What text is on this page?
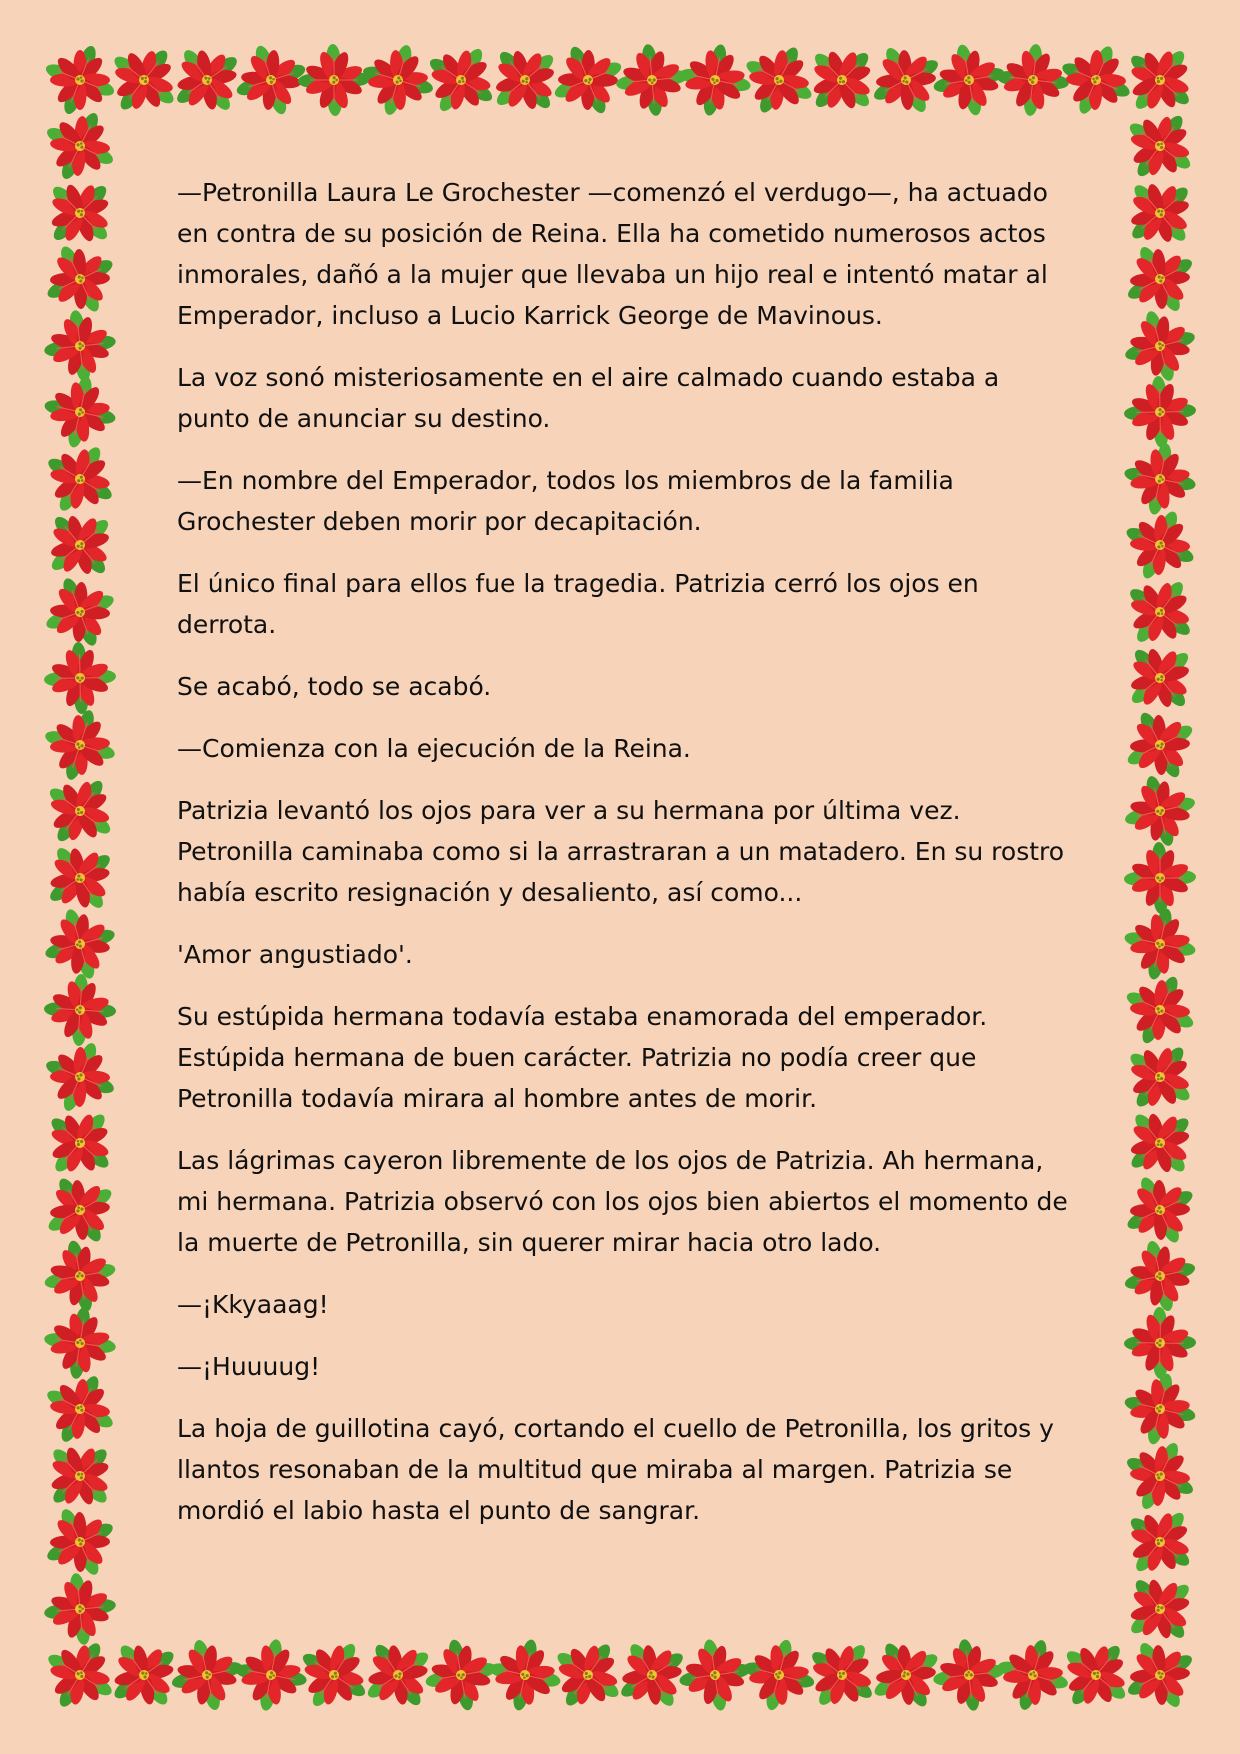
—Petronilla Laura Le Grochester —comenzó el verdugo—, ha actuado en contra de su posición de Reina. Ella ha cometido numerosos actos inmorales, dañó a la mujer que llevaba un hijo real e intentó matar al Emperador, incluso a Lucio Karrick George de Mavinous.

La voz sonó misteriosamente en el aire calmado cuando estaba a punto de anunciar su destino.

—En nombre del Emperador, todos los miembros de la familia Grochester deben morir por decapitación.

El único final para ellos fue la tragedia. Patrizia cerró los ojos en derrota.

Se acabó, todo se acabó.

—Comienza con la ejecución de la Reina.

Patrizia levantó los ojos para ver a su hermana por última vez. Petronilla caminaba como si la arrastraran a un matadero. En su rostro había escrito resignación y desaliento, así como...

'Amor angustiado'.

Su estúpida hermana todavía estaba enamorada del emperador. Estúpida hermana de buen carácter. Patrizia no podía creer que Petronilla todavía mirara al hombre antes de morir.

Las lágrimas cayeron libremente de los ojos de Patrizia. Ah hermana, mi hermana. Patrizia observó con los ojos bien abiertos el momento de la muerte de Petronilla, sin querer mirar hacia otro lado.

—¡Kkyaaag!

—¡Huuuug!

La hoja de guillotina cayó, cortando el cuello de Petronilla, los gritos y llantos resonaban de la multitud que miraba al margen. Patrizia se mordió el labio hasta el punto de sangrar.
